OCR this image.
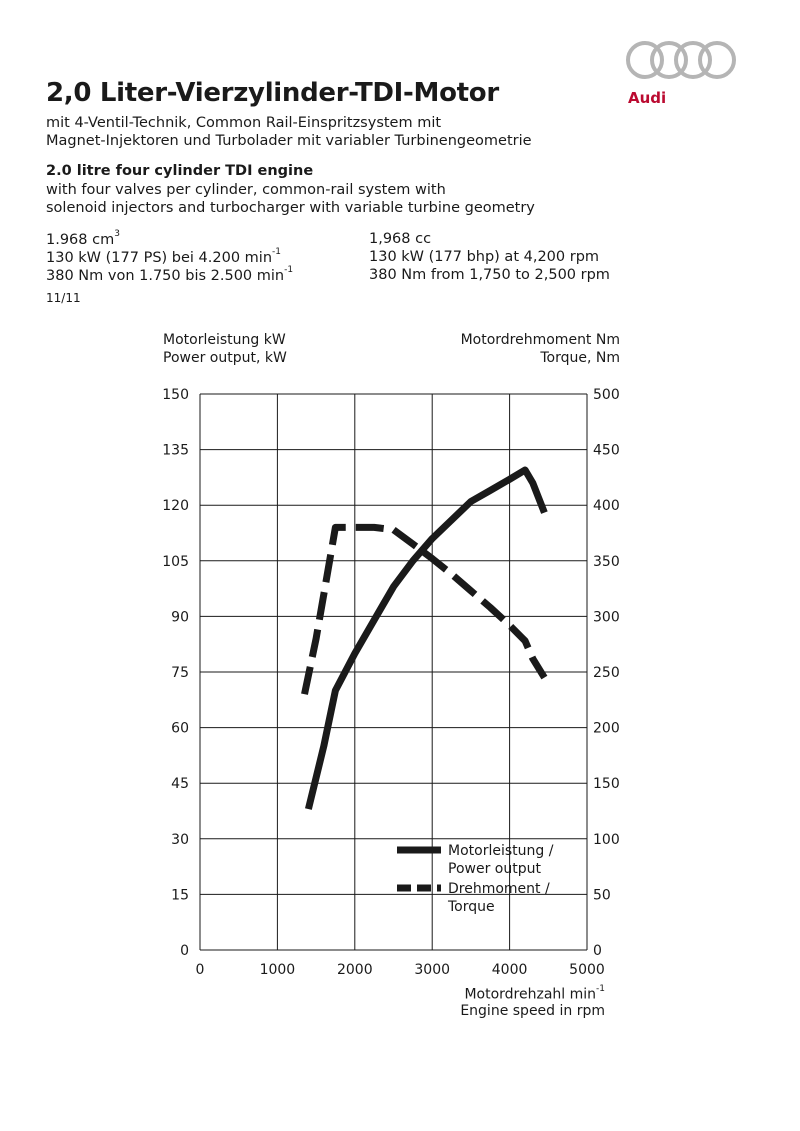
2,0 Liter-Vierzylinder-TDI-Motor
mit 4-Ventil-Technik, Common Rail-Einspritzsystem mit
Magnet-Injektoren und Turbolader mit variabler Turbinengeometrie
2.0 litre four cylinder TDI engine
with four valves per cylinder, common-rail system with
solenoid injectors and turbocharger with variable turbine geometry
1.968 $cm^3$
130 kW (177 PS) bei 4.200 $\min^{-1}$
380 Nm von 1.750 bis 2.500 $\min^{-1}$
1,968 cc
130 kW (177 bhp) at 4,200 rpm
380 Nm from 1,750 to 2,500 rpm
11/11
Audi
Motorleistung kW
Power output, kW
Motordrehmoment Nm
Torque, Nm
0
15
30
45
60
75
90
105
120
135
150
0
50
100
150
200
250
300
350
400
450
500
0	1000	2000	3000	4000	5000
Motorleistung /
Power output
Drehmoment /
Torque
Motordrehzahl $\min^{-1}$
Engine speed in rpm
